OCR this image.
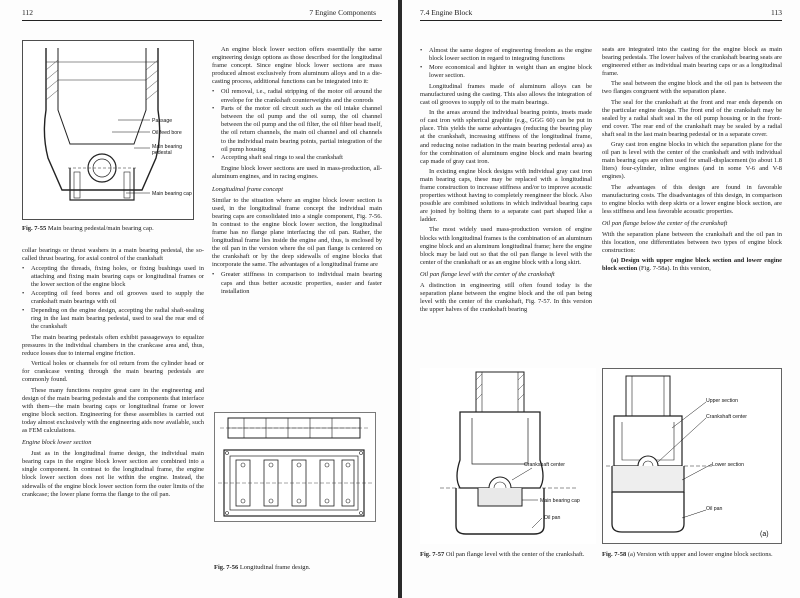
112	7 Engine Components
Passage
Oil feed bore
Main bearing
pedestal
Main bearing cap
Fig. 7-55 Main bearing pedestal/main bearing cap.

collar bearings or thrust washers in a main bearing pedestal, the so-called thrust bearing, for axial control of the crankshaft

• Accepting the threads, fixing holes, or fixing bushings used in attaching and fixing main bearing caps or longitudinal frames or the lower section of the engine block
• Accepting oil feed bores and oil grooves used to supply the crankshaft main bearings with oil
• Depending on the engine design, accepting the radial shaft-sealing ring in the last main bearing pedestal, used to seal the rear end of the crankshaft

The main bearing pedestals often exhibit passageways to equalize pressures in the individual chambers in the crankcase area and, thus, reduce losses due to internal engine friction.

Vertical holes or channels for oil return from the cylinder head or for crankcase venting through the main bearing pedestals are commonly found.

These many functions require great care in the engineering and design of the main bearing pedestals and the components that interface with them—the main bearing caps or longitudinal frame or lower engine block section. Engineering for these assemblies is carried out today almost exclusively with the engineering aids now available, such as FEM calculations.

Engine block lower section

Just as in the longitudinal frame design, the individual main bearing caps in the engine block lower section are combined into a single component. In contrast to the longitudinal frame, the engine block lower section does not lie within the engine. Instead, the sidewalls of the engine block lower section form the outer limits of the crankcase; the lower plane forms the flange to the oil pan.

An engine block lower section offers essentially the same engineering design options as those described for the longitudinal frame concept. Since engine block lower sections are mass produced almost exclusively from aluminum alloys and in a die-casting process, additional functions can be integrated into it:

• Oil removal, i.e., radial stripping of the motor oil around the envelope for the crankshaft counterweights and the conrods
• Parts of the motor oil circuit such as the oil intake channel between the oil pump and the oil sump, the oil channel between the oil pump and the oil filter, the oil filter head itself, the oil return channels, the main oil channel and oil channels to the individual main bearing points, partial integration of the oil pump housing
• Accepting shaft seal rings to seal the crankshaft

Engine block lower sections are used in mass-production, all-aluminum engines, and in racing engines.

Longitudinal frame concept

Similar to the situation where an engine block lower section is used, in the longitudinal frame concept the individual main bearing caps are consolidated into a single component, Fig. 7-56. In contrast to the engine block lower section, the longitudinal frame has no flange plane interfacing the oil pan. Rather, the longitudinal frame lies inside the engine and, thus, is enclosed by the oil pan in the version where the oil pan flange is centered on the crankshaft or by the deep sidewalls of engine blocks that incorporate the same. The advantages of a longitudinal frame are

• Greater stiffness in comparison to individual main bearing caps and thus better acoustic properties, easier and faster installation
Fig. 7-56 Longitudinal frame design.
7.4 Engine Block	113
• Almost the same degree of engineering freedom as the engine block lower section in regard to integrating functions
• More economical and lighter in weight than an engine block lower section.

Longitudinal frames made of aluminum alloys can be manufactured using die casting. This also allows the integration of cast oil grooves to supply oil to the main bearings.

In the areas around the individual bearing points, insets made of cast iron with spherical graphite (e.g., GGG 60) can be put in place. This yields the same advantages (reducing the bearing play at the crankshaft, increasing stiffness of the longitudinal frame, and reducing noise radiation in the main bearing pedestal area) as for the combination of aluminum engine block and main bearing cap made of gray cast iron.

In existing engine block designs with individual gray cast iron main bearing caps, these may be replaced with a longitudinal frame construction to increase stiffness and/or to improve acoustic properties without having to completely reengineer the block. Also possible are combined solutions in which individual bearing caps are joined by bolting them to a separate cast part shaped like a ladder.

The most widely used mass-production version of engine blocks with longitudinal frames is the combination of an aluminum engine block and an aluminum longitudinal frame; here the engine block may be laid out so that the oil pan flange is level with the center of the crankshaft or as an engine block with a long skirt.

Oil pan flange level with the center of the crankshaft

A distinction in engineering still often found today is the separation plane between the engine block and the oil pan being level with the center of the crankshaft, Fig. 7-57. In this version the upper halves of the crankshaft bearing

seats are integrated into the casting for the engine block as main bearing pedestals. The lower halves of the crankshaft bearing seats are engineered either as individual main bearing caps or as a longitudinal frame.

The seal between the engine block and the oil pan is between the two flanges congruent with the separation plane.

The seal for the crankshaft at the front and rear ends depends on the particular engine design. The front end of the crankshaft may be sealed by a radial shaft seal in the oil pump housing or in the front-end cover. The rear end of the crankshaft may be sealed by a radial shaft seal in the last main bearing pedestal or in a separate cover.

Gray cast iron engine blocks in which the separation plane for the oil pan is level with the center of the crankshaft and with individual main bearing caps are often used for small-displacement (to about 1.8 liters) four-cylinder, inline engines (and in some V-6 and V-8 engines).

The advantages of this design are found in favorable manufacturing costs. The disadvantages of this design, in comparison to engine blocks with deep skirts or a lower engine block section, are less stiffness and less favorable acoustic properties.

Oil pan flange below the center of the crankshaft

With the separation plane between the crankshaft and the oil pan in this location, one differentiates between two types of engine block construction:

(a) Design with upper engine block section and lower engine block section (Fig. 7-58a). In this version,

Crankshaft center
Main bearing cap
Oil pan
Fig. 7-57 Oil pan flange level with the center of the crankshaft.
Upper section
Crankshaft center
Lower section
Oil pan
(a)
Fig. 7-58 (a) Version with upper and lower engine block sections.
